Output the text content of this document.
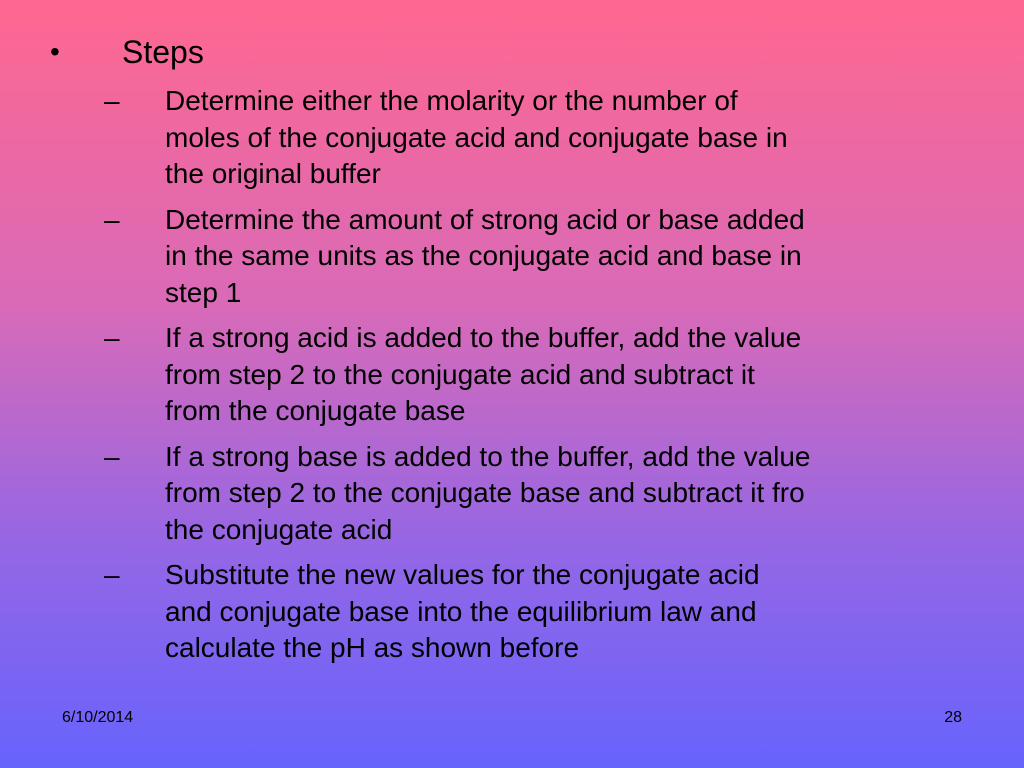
• Steps
– Determine either the molarity or the number of
moles of the conjugate acid and conjugate base in
the original buffer
– Determine the amount of strong acid or base added
in the same units as the conjugate acid and base in
step 1
– If a strong acid is added to the buffer, add the value
from step 2 to the conjugate acid and subtract it
from the conjugate base
– If a strong base is added to the buffer, add the value
from step 2 to the conjugate base and subtract it fro
the conjugate acid
– Substitute the new values for the conjugate acid
and conjugate base into the equilibrium law and
calculate the pH as shown before
6/10/2014	28
